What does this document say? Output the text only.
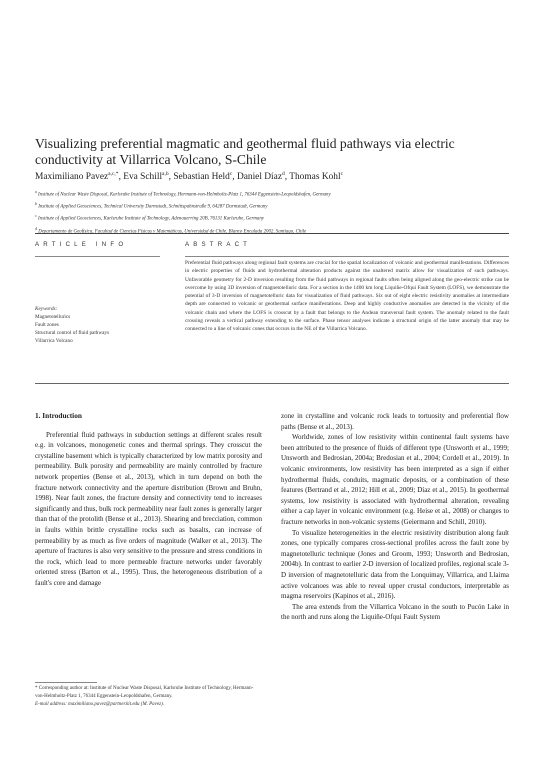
Visualizing preferential magmatic and geothermal fluid pathways via electric conductivity at Villarrica Volcano, S-Chile
Maximiliano Pavez$^{a,c,*}$, Eva Schill$^{a,b}$, Sebastian Held$^c$, Daniel Díaz$^d$, Thomas Kohl$^c$
$^a$ Institute of Nuclear Waste Disposal, Karlsruhe Institute of Technology, Hermann-von-Helmholtz-Platz 1, 76344 Eggenstein-Leopoldshafen, Germany
$^b$ Institute of Applied Geosciences, Technical University Darmstadt, Schnittspahnstraße 9, 64287 Darmstadt, Germany
$^c$ Institute of Applied Geosciences, Karlsruhe Institute of Technology, Adenauerring 20B, 76131 Karlsruhe, Germany
$^d$ Departamento de Geofísica, Facultad de Ciencias Físicas y Matemáticas, Universidad de Chile, Blanco Encalada 2002, Santiago, Chile
ARTICLE INFO	ABSTRACT
Keywords:
Magnetotellurics
Fault zones
Structural control of fluid pathways
Villarrica Volcano
Preferential fluid pathways along regional fault systems are crucial for the spatial localization of volcanic and geothermal manifestations. Differences in electric properties of fluids and hydrothermal alteration products against the unaltered matrix allow for visualization of such pathways. Unfavorable geometry for 2-D inversion resulting from the fluid pathways in regional faults often being aligned along the geo-electric strike can be overcome by using 3D inversion of magnetotelluric data. For a section in the 1400 km long Liquiñe-Ofqui Fault System (LOFS), we demonstrate the potential of 3-D inversion of magnetotelluric data for visualization of fluid pathways. Six out of eight electric resistivity anomalies at intermediate depth are connected to volcanic or geothermal surface manifestations. Deep and highly conductive anomalies are detected in the vicinity of the volcanic chain and where the LOFS is crosscut by a fault that belongs to the Andean transversal fault system. The anomaly related to the fault crossing reveals a vertical pathway extending to the surface. Phase tensor analyses indicate a structural origin of the latter anomaly that may be connected to a line of volcanic cones that occurs in the NE of the Villarrica Volcano.

1. Introduction

Preferential fluid pathways in subduction settings at different scales result e.g. in volcanoes, monogenetic cones and thermal springs. They crosscut the crystalline basement which is typically characterized by low matrix porosity and permeability. Bulk porosity and permeability are mainly controlled by fracture network properties (Bense et al., 2013), which in turn depend on both the fracture network connectivity and the aperture distribution (Brown and Bruhn, 1998). Near fault zones, the fracture density and connectivity tend to increases significantly and thus, bulk rock permeability near fault zones is generally larger than that of the protolith (Bense et al., 2013). Shearing and brecciation, common in faults within brittle crystalline rocks such as basalts, can increase of permeability by as much as five orders of magnitude (Walker et al., 2013). The aperture of fractures is also very sensitive to the pressure and stress conditions in the rock, which lead to more permeable fracture networks under favorably oriented stress (Barton et al., 1995). Thus, the heterogeneous distribution of a fault's core and damage

zone in crystalline and volcanic rock leads to tortuosity and preferential flow paths (Bense et al., 2013).

Worldwide, zones of low resistivity within continental fault systems have been attributed to the presence of fluids of different type (Unsworth et al., 1999; Unsworth and Bedrosian, 2004a; Bredosian et al., 2004; Cordell et al., 2019). In volcanic environments, low resistivity has been interpreted as a sign if either hydrothermal fluids, conduits, magmatic deposits, or a combination of these features (Bertrand et al., 2012; Hill et al., 2009; Díaz et al., 2015). In geothermal systems, low resistivity is associated with hydrothermal alteration, revealing either a cap layer in volcanic environment (e.g. Heise et al., 2008) or changes to fracture networks in non-volcanic systems (Geiermann and Schill, 2010).

To visualize heterogeneities in the electric resistivity distribution along fault zones, one typically compares cross-sectional profiles across the fault zone by magnetotelluric technique (Jones and Groom, 1993; Unsworth and Bedrosian, 2004b). In contrast to earlier 2-D inversion of localized profiles, regional scale 3-D inversion of magnetotelluric data from the Lonquimay, Villarrica, and Llaima active volcanoes was able to reveal upper crustal conductors, interpretable as magma reservoirs (Kapinos et al., 2016).

The area extends from the Villarrica Volcano in the south to Pucón Lake in the north and runs along the Liquiñe-Ofqui Fault System

* Corresponding author at: Institute of Nuclear Waste Disposal, Karlsruhe Institute of Technology, Hermann-von-Helmholtz-Platz 1, 76344 Eggenstein-Leopoldshafen, Germany.

E-mail address: maximiliano.pavez@partner.kit.edu (M. Pavez).
